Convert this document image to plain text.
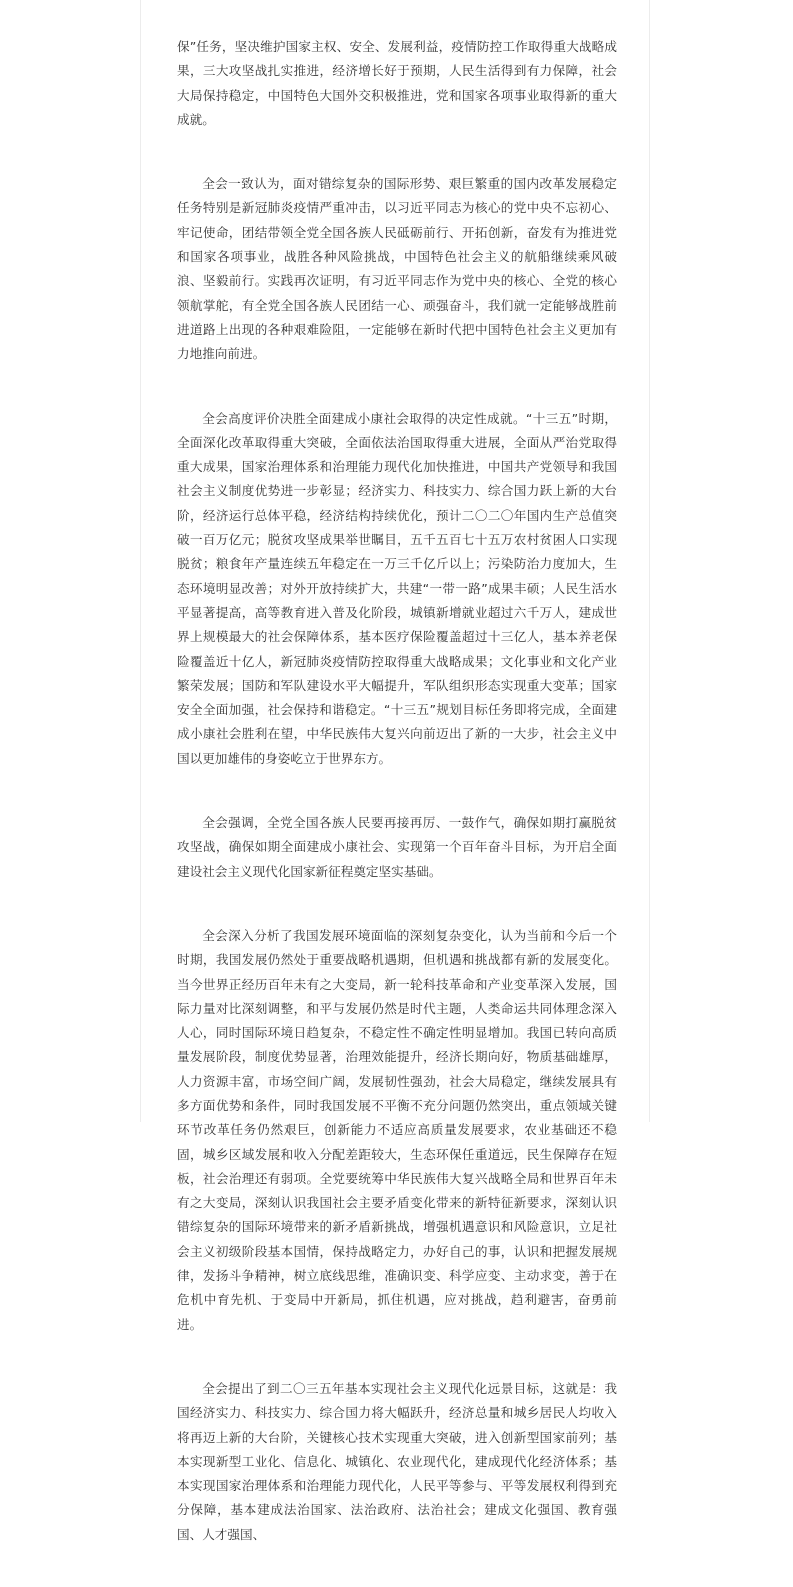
保”任务，坚决维护国家主权、安全、发展利益，疫情防控工作取得重大战略成果，三大攻坚战扎实推进，经济增长好于预期，人民生活得到有力保障，社会大局保持稳定，中国特色大国外交积极推进，党和国家各项事业取得新的重大成就。

全会一致认为，面对错综复杂的国际形势、艰巨繁重的国内改革发展稳定任务特别是新冠肺炎疫情严重冲击，以习近平同志为核心的党中央不忘初心、牢记使命，团结带领全党全国各族人民砥砺前行、开拓创新，奋发有为推进党和国家各项事业，战胜各种风险挑战，中国特色社会主义的航船继续乘风破浪、坚毅前行。实践再次证明，有习近平同志作为党中央的核心、全党的核心领航掌舵，有全党全国各族人民团结一心、顽强奋斗，我们就一定能够战胜前进道路上出现的各种艰难险阻，一定能够在新时代把中国特色社会主义更加有力地推向前进。

全会高度评价决胜全面建成小康社会取得的决定性成就。“十三五”时期，全面深化改革取得重大突破，全面依法治国取得重大进展，全面从严治党取得重大成果，国家治理体系和治理能力现代化加快推进，中国共产党领导和我国社会主义制度优势进一步彰显；经济实力、科技实力、综合国力跃上新的大台阶，经济运行总体平稳，经济结构持续优化，预计二〇二〇年国内生产总值突破一百万亿元；脱贫攻坚成果举世瞩目，五千五百七十五万农村贫困人口实现脱贫；粮食年产量连续五年稳定在一万三千亿斤以上；污染防治力度加大，生态环境明显改善；对外开放持续扩大，共建“一带一路”成果丰硕；人民生活水平显著提高，高等教育进入普及化阶段，城镇新增就业超过六千万人，建成世界上规模最大的社会保障体系，基本医疗保险覆盖超过十三亿人，基本养老保险覆盖近十亿人，新冠肺炎疫情防控取得重大战略成果；文化事业和文化产业繁荣发展；国防和军队建设水平大幅提升，军队组织形态实现重大变革；国家安全全面加强，社会保持和谐稳定。“十三五”规划目标任务即将完成，全面建成小康社会胜利在望，中华民族伟大复兴向前迈出了新的一大步，社会主义中国以更加雄伟的身姿屹立于世界东方。

全会强调，全党全国各族人民要再接再厉、一鼓作气，确保如期打赢脱贫攻坚战，确保如期全面建成小康社会、实现第一个百年奋斗目标，为开启全面建设社会主义现代化国家新征程奠定坚实基础。

全会深入分析了我国发展环境面临的深刻复杂变化，认为当前和今后一个时期，我国发展仍然处于重要战略机遇期，但机遇和挑战都有新的发展变化。当今世界正经历百年未有之大变局，新一轮科技革命和产业变革深入发展，国际力量对比深刻调整，和平与发展仍然是时代主题，人类命运共同体理念深入人心，同时国际环境日趋复杂，不稳定性不确定性明显增加。我国已转向高质量发展阶段，制度优势显著，治理效能提升，经济长期向好，物质基础雄厚，人力资源丰富，市场空间广阔，发展韧性强劲，社会大局稳定，继续发展具有多方面优势和条件，同时我国发展不平衡不充分问题仍然突出，重点领域关键环节改革任务仍然艰巨，创新能力不适应高质量发展要求，农业基础还不稳固，城乡区域发展和收入分配差距较大，生态环保任重道远，民生保障存在短板，社会治理还有弱项。全党要统筹中华民族伟大复兴战略全局和世界百年未有之大变局，深刻认识我国社会主要矛盾变化带来的新特征新要求，深刻认识错综复杂的国际环境带来的新矛盾新挑战，增强机遇意识和风险意识，立足社会主义初级阶段基本国情，保持战略定力，办好自己的事，认识和把握发展规律，发扬斗争精神，树立底线思维，准确识变、科学应变、主动求变，善于在危机中育先机、于变局中开新局，抓住机遇，应对挑战，趋利避害，奋勇前进。

全会提出了到二〇三五年基本实现社会主义现代化远景目标，这就是：我国经济实力、科技实力、综合国力将大幅跃升，经济总量和城乡居民人均收入将再迈上新的大台阶，关键核心技术实现重大突破，进入创新型国家前列；基本实现新型工业化、信息化、城镇化、农业现代化，建成现代化经济体系；基本实现国家治理体系和治理能力现代化，人民平等参与、平等发展权利得到充分保障，基本建成法治国家、法治政府、法治社会；建成文化强国、教育强国、人才强国、
